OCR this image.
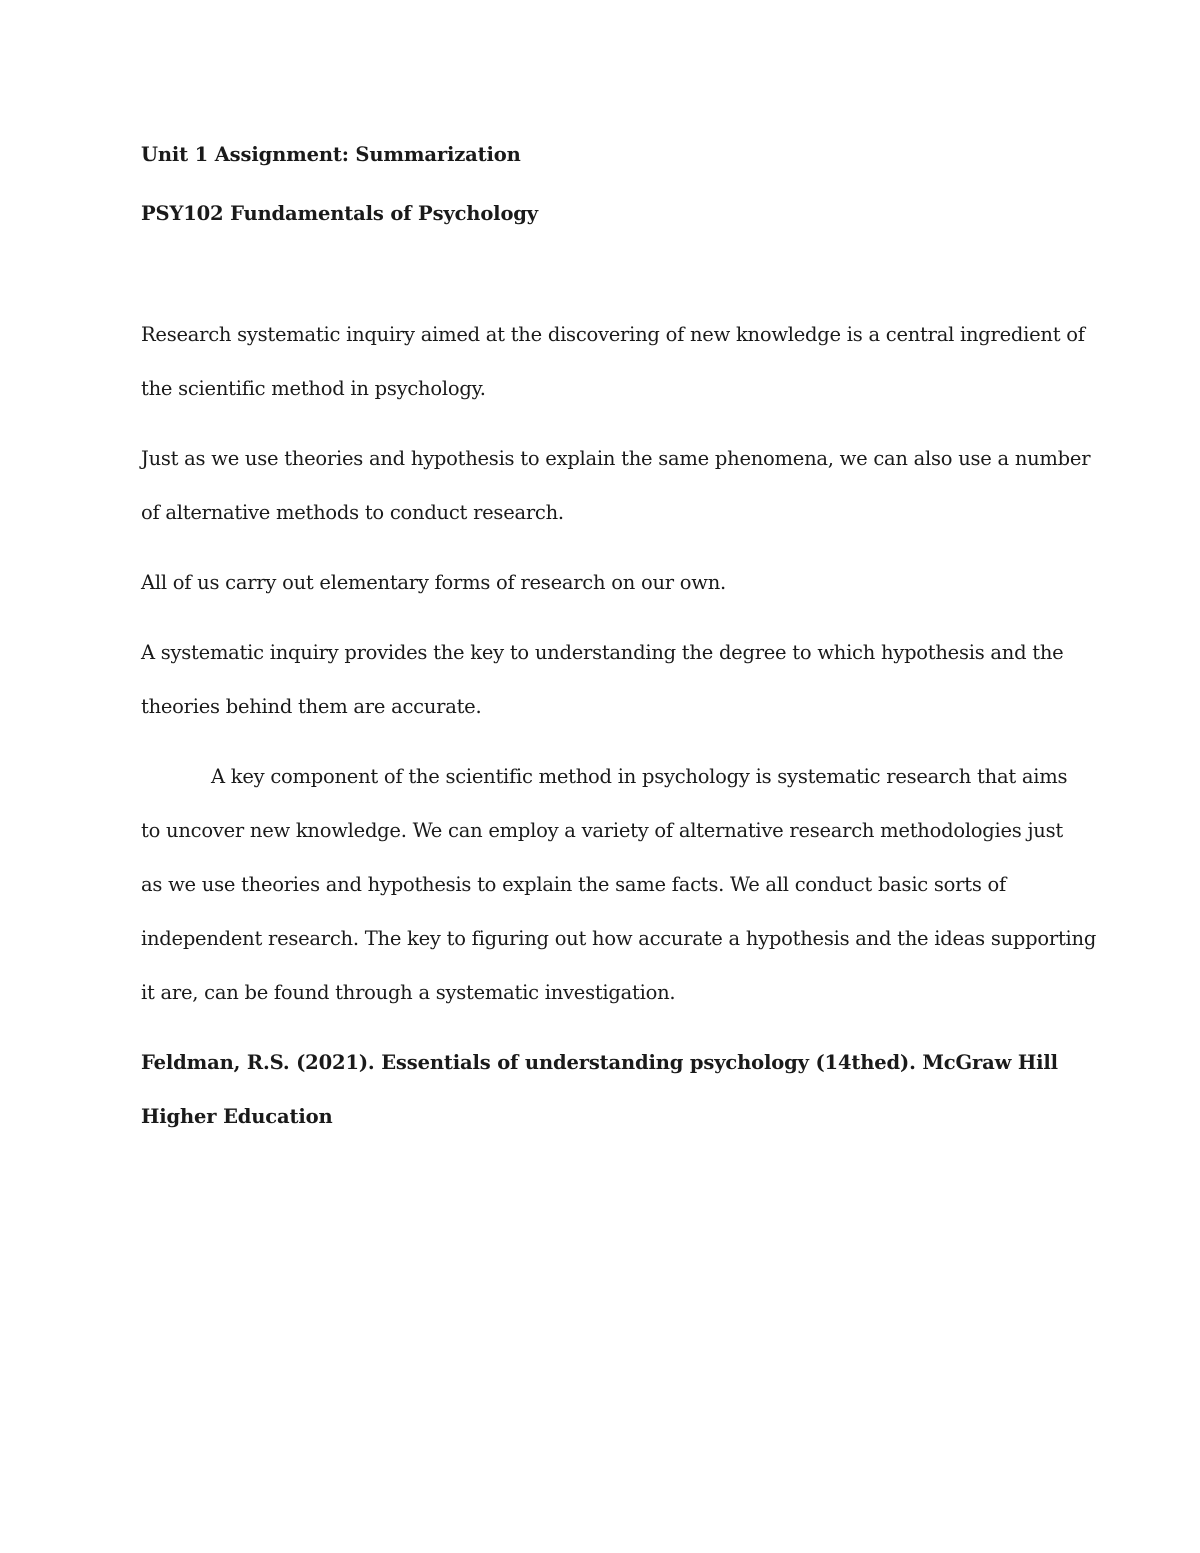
Unit 1 Assignment: Summarization

PSY102 Fundamentals of Psychology

Research systematic inquiry aimed at the discovering of new knowledge is a central ingredient of

the scientific method in psychology.

Just as we use theories and hypothesis to explain the same phenomena, we can also use a number

of alternative methods to conduct research.

All of us carry out elementary forms of research on our own.

A systematic inquiry provides the key to understanding the degree to which hypothesis and the

theories behind them are accurate.

A key component of the scientific method in psychology is systematic research that aims

to uncover new knowledge. We can employ a variety of alternative research methodologies just

as we use theories and hypothesis to explain the same facts. We all conduct basic sorts of

independent research. The key to figuring out how accurate a hypothesis and the ideas supporting

it are, can be found through a systematic investigation.

Feldman, R.S. (2021). Essentials of understanding psychology (14thed). McGraw Hill

Higher Education
